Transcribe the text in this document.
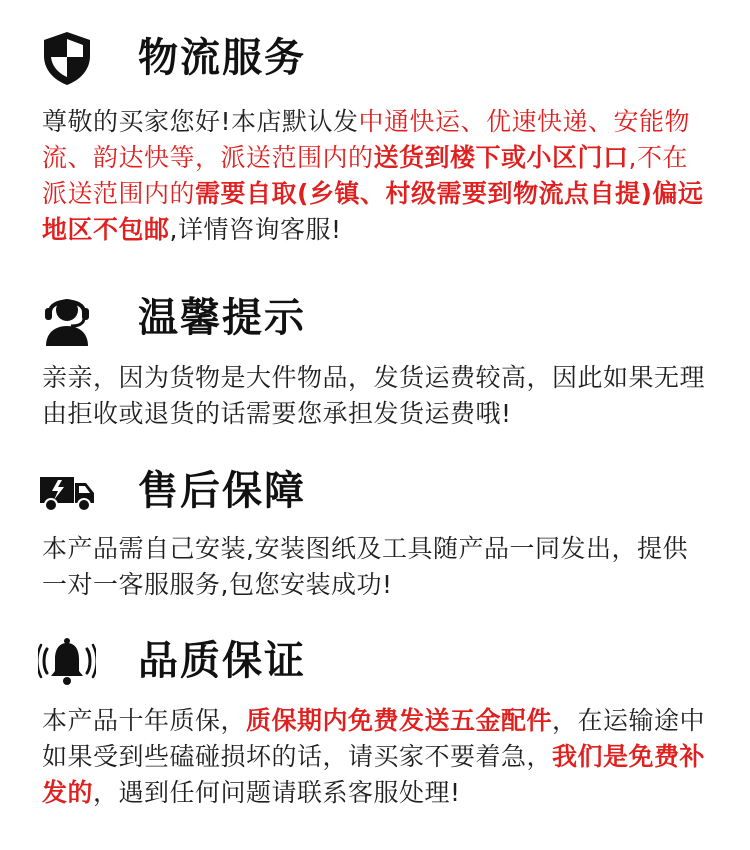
物流服务
尊敬的买家您好!本店默认发中通快运、优速快递、安能物流、韵达快等，派送范围内的送货到楼下或小区门口,不在派送范围内的需要自取(乡镇、村级需要到物流点自提)偏远地区不包邮,详情咨询客服!
温馨提示
亲亲，因为货物是大件物品，发货运费较高，因此如果无理由拒收或退货的话需要您承担发货运费哦!
售后保障
本产品需自己安装,安装图纸及工具随产品一同发出，提供一对一客服服务,包您安装成功!
品质保证
本产品十年质保，质保期内免费发送五金配件，在运输途中如果受到些磕碰损坏的话，请买家不要着急，我们是免费补发的，遇到任何问题请联系客服处理!
